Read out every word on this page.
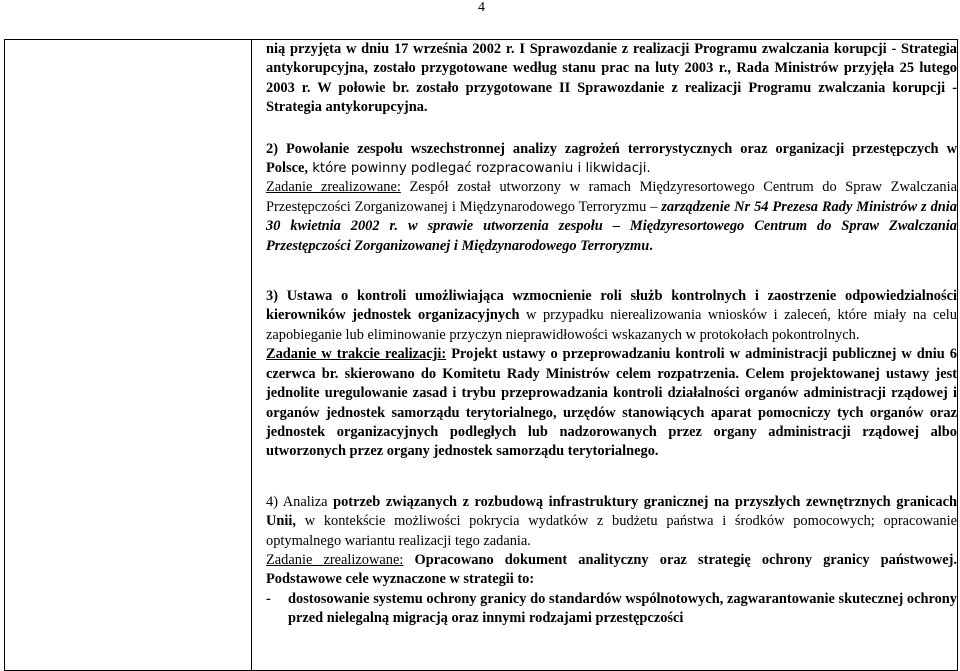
4

nią przyjęta w dniu 17 września 2002 r. I Sprawozdanie z realizacji Programu zwalczania korupcji - Strategia antykorupcyjna, zostało przygotowane według stanu prac na luty 2003 r., Rada Ministrów przyjęła 25 lutego 2003 r. W połowie br. zostało przygotowane II Sprawozdanie z realizacji Programu zwalczania korupcji - Strategia antykorupcyjna.

2) Powołanie zespołu wszechstronnej analizy zagrożeń terrorystycznych oraz organizacji przestępczych w Polsce, które powinny podlegać rozpracowaniu i likwidacji.
Zadanie zrealizowane: Zespół został utworzony w ramach Międzyresortowego Centrum do Spraw Zwalczania Przestępczości Zorganizowanej i Międzynarodowego Terroryzmu – zarządzenie Nr 54 Prezesa Rady Ministrów z dnia 30 kwietnia 2002 r. w sprawie utworzenia zespołu – Międzyresortowego Centrum do Spraw Zwalczania Przestępczości Zorganizowanej i Międzynarodowego Terroryzmu.

3) Ustawa o kontroli umożliwiająca wzmocnienie roli służb kontrolnych i zaostrzenie odpowiedzialności kierowników jednostek organizacyjnych w przypadku nierealizowania wniosków i zaleceń, które miały na celu zapobieganie lub eliminowanie przyczyn nieprawidłowości wskazanych w protokołach pokontrolnych.
Zadanie w trakcie realizacji: Projekt ustawy o przeprowadzaniu kontroli w administracji publicznej w dniu 6 czerwca br. skierowano do Komitetu Rady Ministrów celem rozpatrzenia. Celem projektowanej ustawy jest jednolite uregulowanie zasad i trybu przeprowadzania kontroli działalności organów administracji rządowej i organów jednostek samorządu terytorialnego, urzędów stanowiących aparat pomocniczy tych organów oraz jednostek organizacyjnych podległych lub nadzorowanych przez organy administracji rządowej albo utworzonych przez organy jednostek samorządu terytorialnego.

4) Analiza potrzeb związanych z rozbudową infrastruktury granicznej na przyszłych zewnętrznych granicach Unii, w kontekście możliwości pokrycia wydatków z budżetu państwa i środków pomocowych; opracowanie optymalnego wariantu realizacji tego zadania.
Zadanie zrealizowane: Opracowano dokument analityczny oraz strategię ochrony granicy państwowej. Podstawowe cele wyznaczone w strategii to:

-	dostosowanie systemu ochrony granicy do standardów wspólnotowych, zagwarantowanie skutecznej ochrony przed nielegalną migracją oraz innymi rodzajami przestępczości
